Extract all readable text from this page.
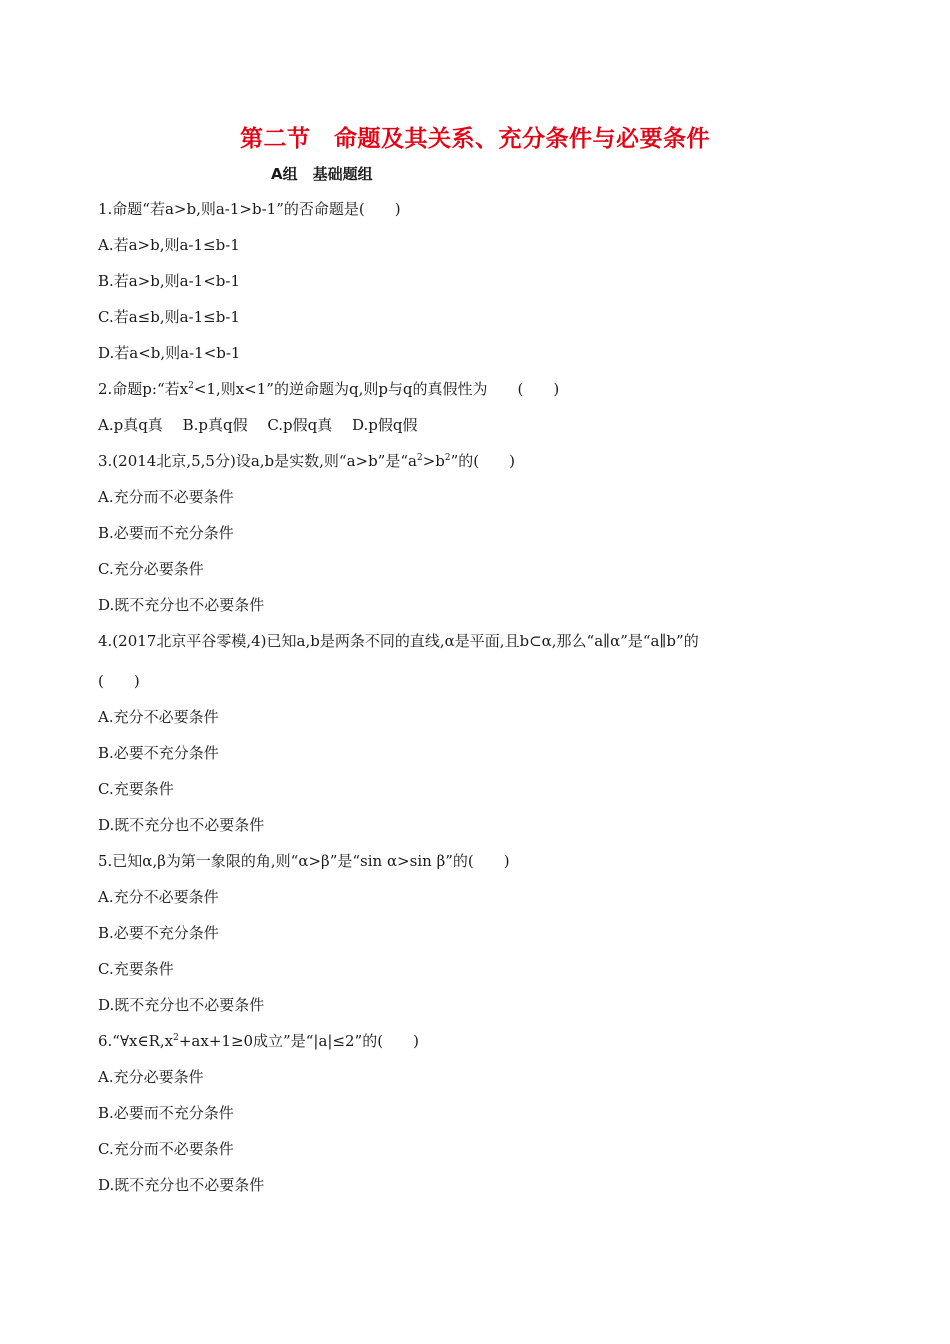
第二节　命题及其关系、充分条件与必要条件
A组　基础题组
1.命题“若a>b,则a-1>b-1”的否命题是(　　)
A.若a>b,则a-1≤b-1
B.若a>b,则a-1<b-1
C.若a≤b,则a-1≤b-1
D.若a<b,则a-1<b-1
2.命题p:“若$x^2<1$,则x<1”的逆命题为q,则p与q的真假性为　　(　　)
A.p真q真　 B.p真q假　 C.p假q真　 D.p假q假
3.(2014北京,5,5分)设a,b是实数,则“a>b”是“$a^2>b^2$”的(　　)
A.充分而不必要条件
B.必要而不充分条件
C.充分必要条件
D.既不充分也不必要条件
4.(2017北京平谷零模,4)已知a,b是两条不同的直线,α是平面,且b⊂α,那么“a∥α”是“a∥b”的
(　　)
A.充分不必要条件
B.必要不充分条件
C.充要条件
D.既不充分也不必要条件
5.已知α,β为第一象限的角,则“α>β”是“sin α>sin β”的(　　)
A.充分不必要条件
B.必要不充分条件
C.充要条件
D.既不充分也不必要条件
$6.“\forall x\in R,x^2+ax+1\ge 0$成立”是“|a|≤2”的(　　)
A.充分必要条件
B.必要而不充分条件
C.充分而不必要条件
D.既不充分也不必要条件
